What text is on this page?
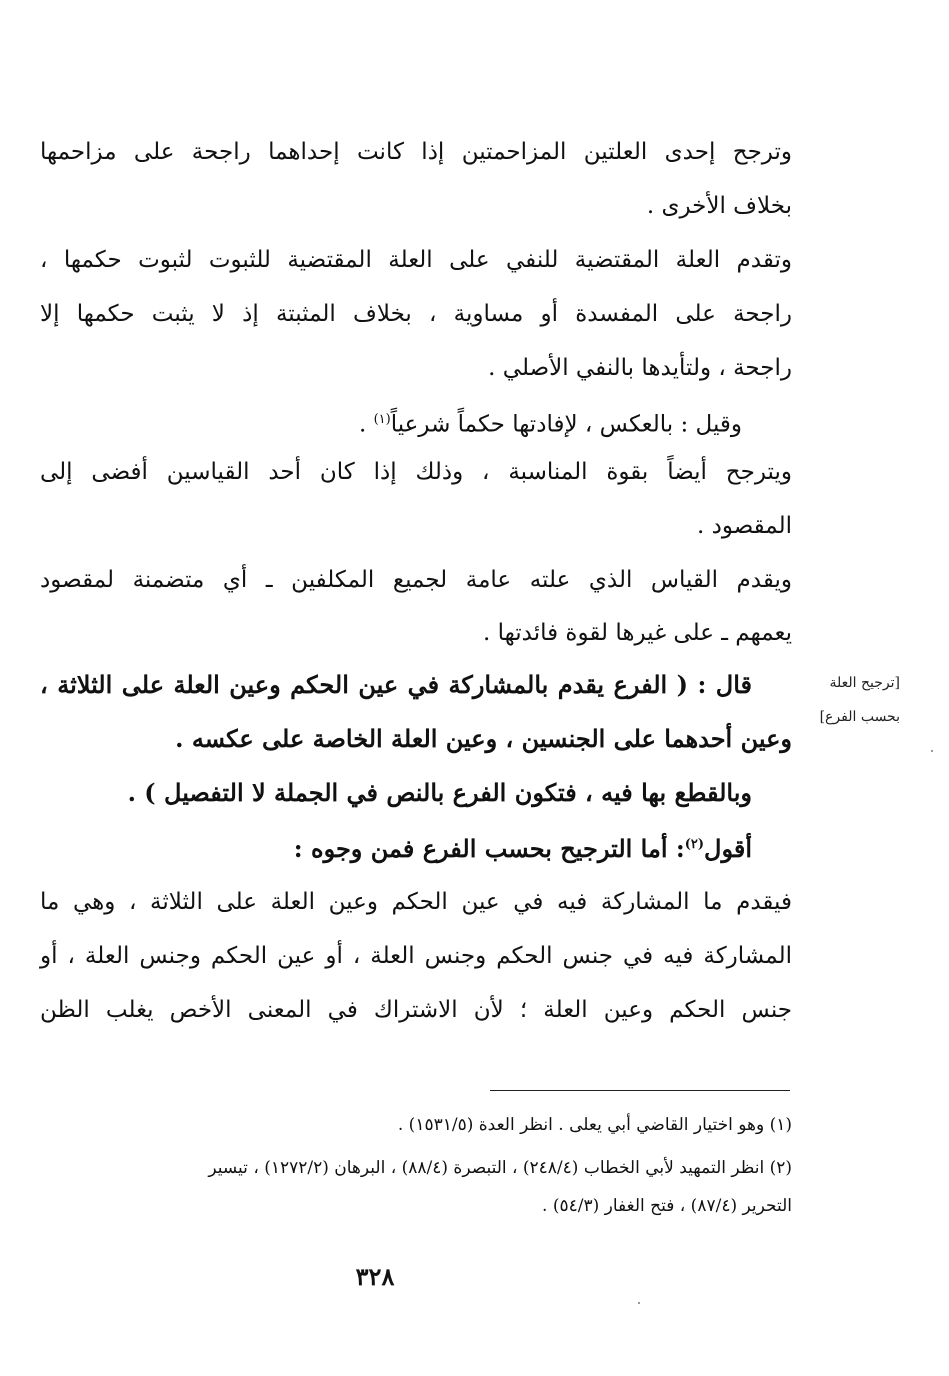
وترجح إحدى العلتين المزاحمتين إذا كانت إحداهما راجحة على مزاحمها
بخلاف الأخرى .
وتقدم العلة المقتضية للنفي على العلة المقتضية للثبوت لثبوت حكمها ،
راجحة على المفسدة أو مساوية ، بخلاف المثبتة إذ لا يثبت حكمها إلا
راجحة ، ولتأيدها بالنفي الأصلي .
وقيل : بالعكس ، لإفادتها حكماً شرعياً$^{(١)}$ .
ويترجح أيضاً بقوة المناسبة ، وذلك إذا كان أحد القياسين أفضى إلى
المقصود .
ويقدم القياس الذي علته عامة لجميع المكلفين ـ أي متضمنة لمقصود
يعمهم ـ على غيرها لقوة فائدتها .
قال : ( الفرع يقدم بالمشاركة في عين الحكم وعين العلة على الثلاثة ،
وعين أحدهما على الجنسين ، وعين العلة الخاصة على عكسه .
وبالقطع بها فيه ، فتكون الفرع بالنص في الجملة لا التفصيل ) .
أقول$^{(٢)}$: أما الترجيح بحسب الفرع فمن وجوه :
فيقدم ما المشاركة فيه في عين الحكم وعين العلة على الثلاثة ، وهي ما
المشاركة فيه في جنس الحكم وجنس العلة ، أو عين الحكم وجنس العلة ، أو
جنس الحكم وعين العلة ؛ لأن الاشتراك في المعنى الأخص يغلب الظن
[ترجيح العلة
بحسب الفرع]
(١) وهو اختيار القاضي أبي يعلى . انظر العدة (١٥٣١/٥) .
(٢) انظر التمهيد لأبي الخطاب (٢٤٨/٤) ، التبصرة (٨٨/٤) ، البرهان (١٢٧٢/٢) ، تيسير
التحرير (٨٧/٤) ، فتح الغفار (٥٤/٣) .
٣٢٨
